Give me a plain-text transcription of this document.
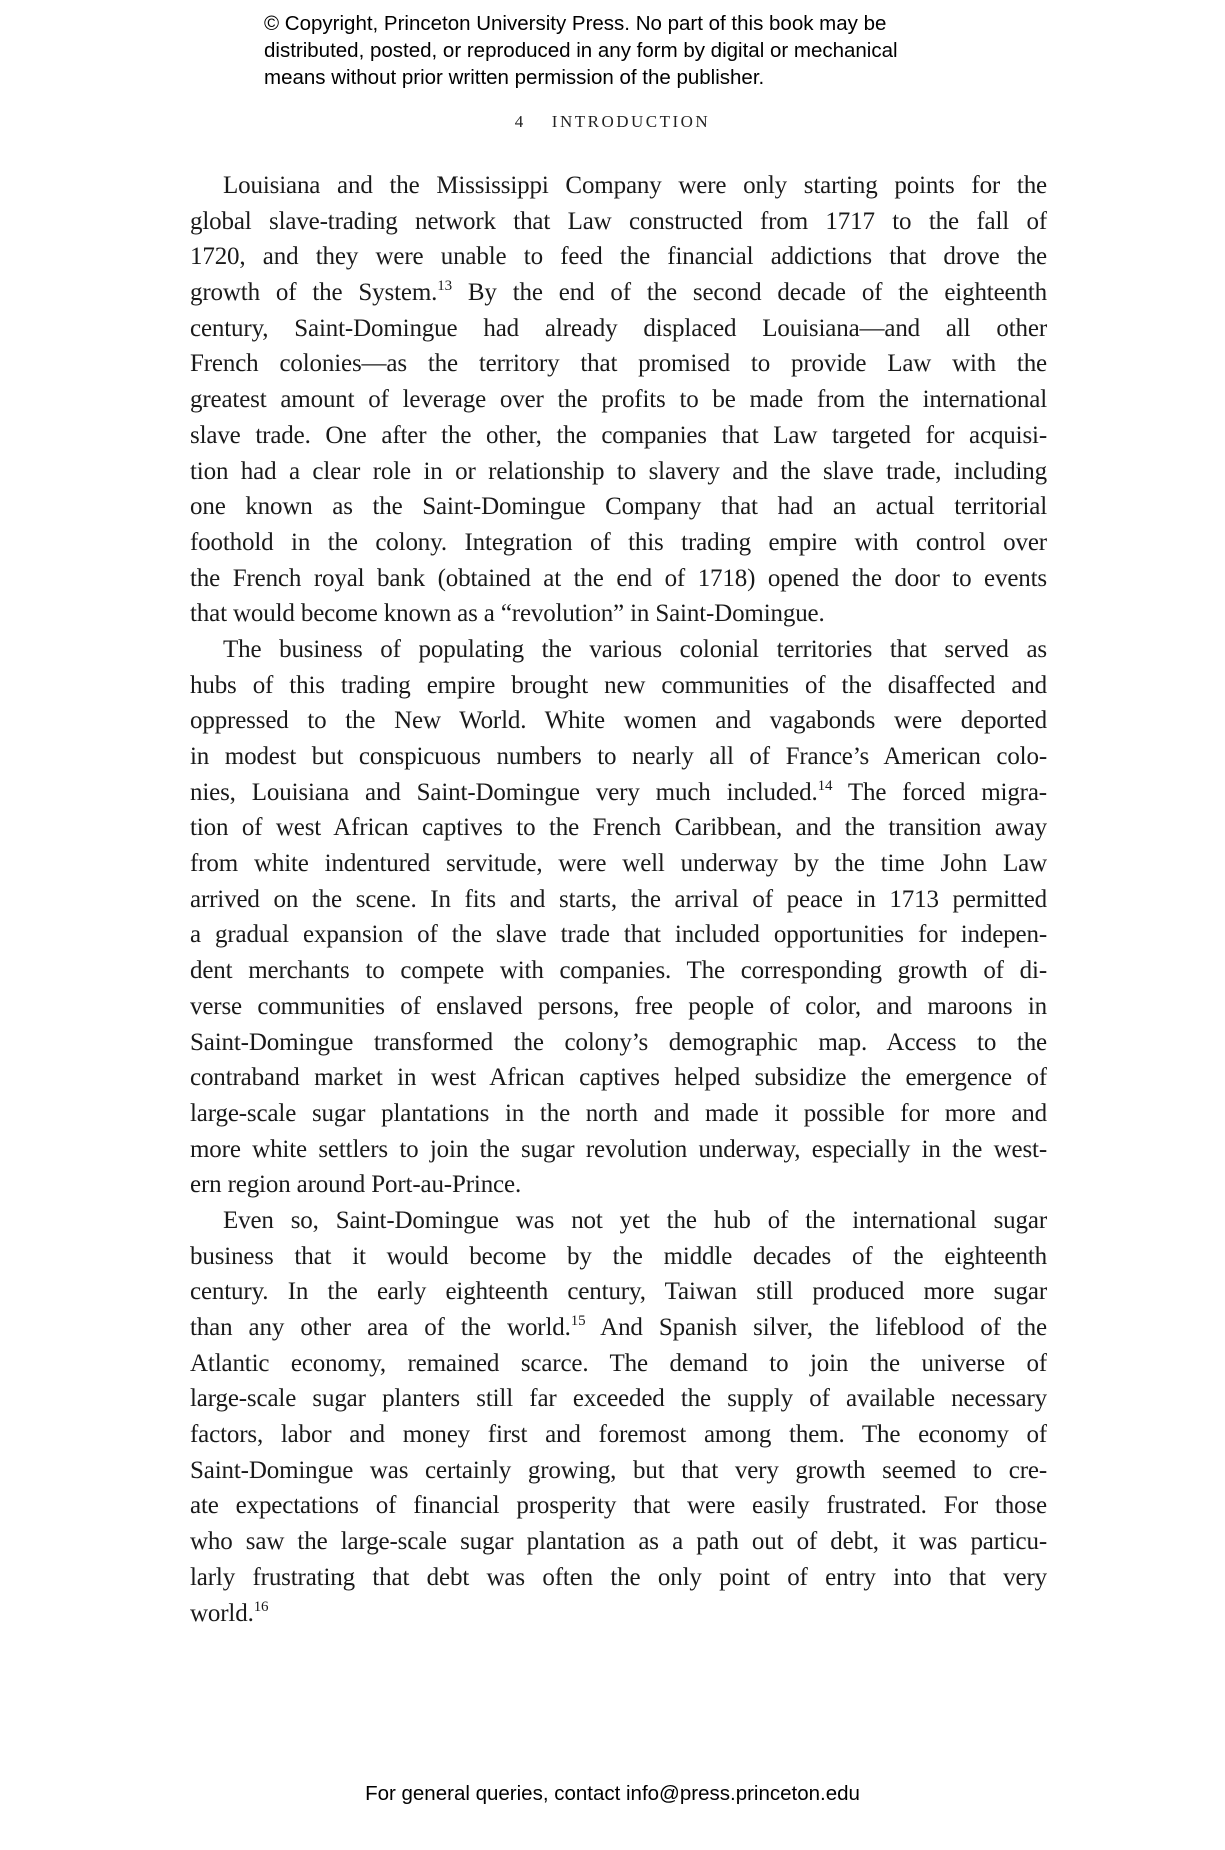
© Copyright, Princeton University Press. No part of this book may be
distributed, posted, or reproduced in any form by digital or mechanical
means without prior written permission of the publisher.
4 INTRODUCTION
Louisiana and the Mississippi Company were only starting points for the
global slave-trading network that Law constructed from 1717 to the fall of
1720, and they were unable to feed the financial addictions that drove the
growth of the System.$^{13}$ By the end of the second decade of the eighteenth
century, Saint-Domingue had already displaced Louisiana—and all other
French colonies—as the territory that promised to provide Law with the
greatest amount of leverage over the profits to be made from the international
slave trade. One after the other, the companies that Law targeted for acquisi-
tion had a clear role in or relationship to slavery and the slave trade, including
one known as the Saint-Domingue Company that had an actual territorial
foothold in the colony. Integration of this trading empire with control over
the French royal bank (obtained at the end of 1718) opened the door to events
that would become known as a “revolution” in Saint-Domingue.
The business of populating the various colonial territories that served as
hubs of this trading empire brought new communities of the disaffected and
oppressed to the New World. White women and vagabonds were deported
in modest but conspicuous numbers to nearly all of France’s American colo-
nies, Louisiana and Saint-Domingue very much included.$^{14}$ The forced migra-
tion of west African captives to the French Caribbean, and the transition away
from white indentured servitude, were well underway by the time John Law
arrived on the scene. In fits and starts, the arrival of peace in 1713 permitted
a gradual expansion of the slave trade that included opportunities for indepen-
dent merchants to compete with companies. The corresponding growth of di-
verse communities of enslaved persons, free people of color, and maroons in
Saint-Domingue transformed the colony’s demographic map. Access to the
contraband market in west African captives helped subsidize the emergence of
large-scale sugar plantations in the north and made it possible for more and
more white settlers to join the sugar revolution underway, especially in the west-
ern region around Port-au-Prince.
Even so, Saint-Domingue was not yet the hub of the international sugar
business that it would become by the middle decades of the eighteenth
century. In the early eighteenth century, Taiwan still produced more sugar
than any other area of the world.$^{15}$ And Spanish silver, the lifeblood of the
Atlantic economy, remained scarce. The demand to join the universe of
large-scale sugar planters still far exceeded the supply of available necessary
factors, labor and money first and foremost among them. The economy of
Saint-Domingue was certainly growing, but that very growth seemed to cre-
ate expectations of financial prosperity that were easily frustrated. For those
who saw the large-scale sugar plantation as a path out of debt, it was particu-
larly frustrating that debt was often the only point of entry into that very
world.$^{16}$
For general queries, contact info@press.princeton.edu
